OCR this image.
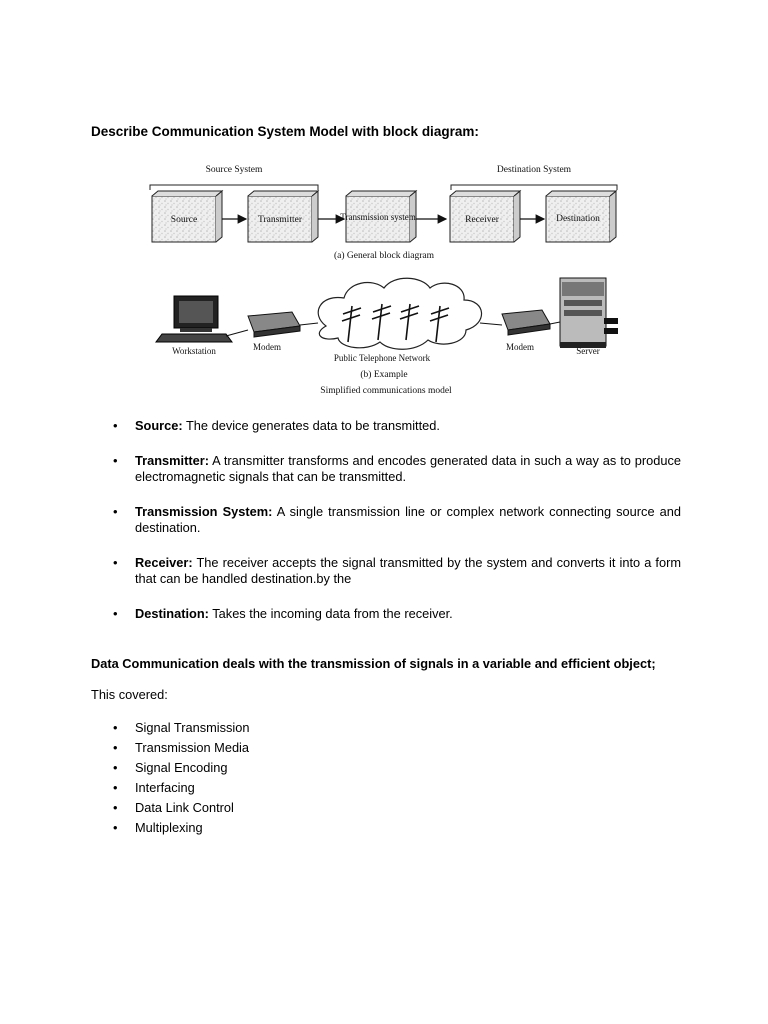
Describe Communication System Model with block diagram:
Source System	Destination System
Source	Transmitter	Transmission system	Receiver	Destination
(a) General block diagram
Workstation	Modem
Public Telephone Network
Modem	Server
(b) Example
Simplified communications model
• Source: The device generates data to be transmitted.
• Transmitter: A transmitter transforms and encodes generated data in such a way as to produce electromagnetic signals that can be transmitted.
• Transmission System: A single transmission line or complex network connecting source and destination.
• Receiver: The receiver accepts the signal transmitted by the system and converts it into a form that can be handled destination.by the
• Destination: Takes the incoming data from the receiver.
Data Communication deals with the transmission of signals in a variable and efficient object;
This covered:
• Signal Transmission
• Transmission Media
• Signal Encoding
• Interfacing
• Data Link Control
• Multiplexing
